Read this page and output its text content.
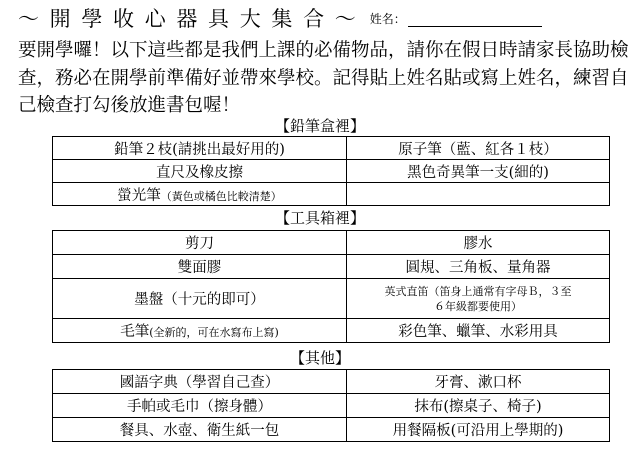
～ 開 學 收 心 器 具 大 集 合 ～ 姓名：

要開學囉！以下這些都是我們上課的必備物品，請你在假日時請家長協助檢查，務必在開學前準備好並帶來學校。記得貼上姓名貼或寫上姓名，練習自己檢查打勾後放進書包喔！

【鉛筆盒裡】

鉛筆２枝(請挑出最好用的)	原子筆（藍、紅各１枝）
直尺及橡皮擦	黑色奇異筆一支(細的)
螢光筆（黃色或橘色比較清楚）	

【工具箱裡】

剪刀	膠水
雙面膠	圓規、三角板、量角器
墨盤（十元的即可）	英式直笛（笛身上通常有字母Ｂ，３至
６年級都要使用）
毛筆(全新的，可在水寫布上寫)	彩色筆、蠟筆、水彩用具

【其他】

國語字典（學習自己查）	牙膏、漱口杯
手帕或毛巾（擦身體）	抹布(擦桌子、椅子)
餐具、水壺、衛生紙一包	用餐隔板(可沿用上學期的)
